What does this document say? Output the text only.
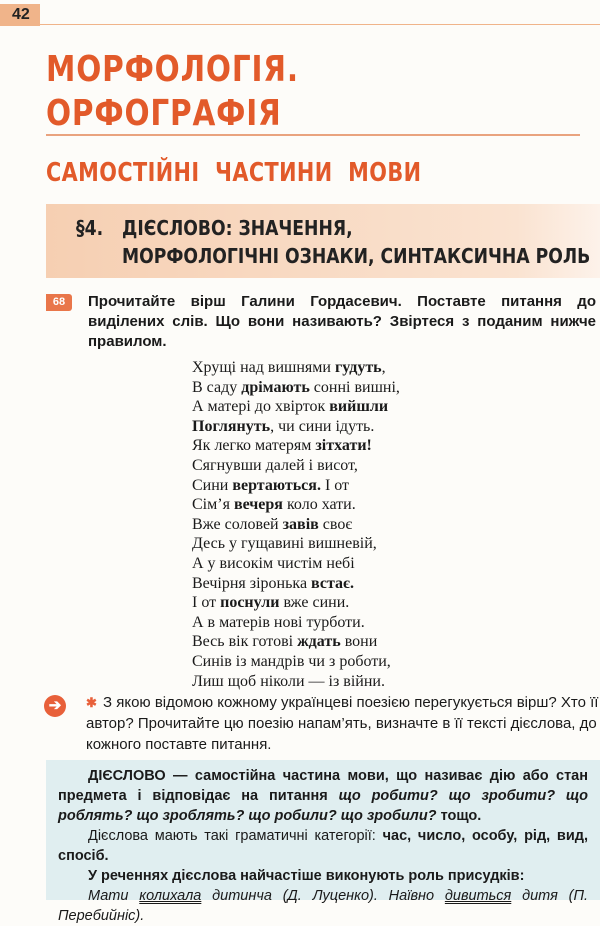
42
МОРФОЛОГІЯ.
ОРФОГРАФІЯ
САМОСТІЙНІ ЧАСТИНИ МОВИ
§4. ДІЄСЛОВО: ЗНАЧЕННЯ,
МОРФОЛОГІЧНІ ОЗНАКИ, СИНТАКСИЧНА РОЛЬ
68	Прочитайте вірш Галини Гордасевич. Поставте питання до виділених слів. Що вони називають? Звіртеся з поданим нижче правилом.
Хрущі над вишнями гудуть,
В саду дрімають сонні вишні,
А матері до хвірток вийшли
Поглянуть, чи сини ідуть.
Як легко матерям зітхати!
Сягнувши далей і висот,
Сини вертаються. І от
Сім’я вечеря коло хати.
Вже соловей завів своє
Десь у гущавині вишневій,
А у високім чистім небі
Вечірня зіронька встає.
І от поснули вже сини.
А в матерів нові турботи.
Весь вік готові ждать вони
Синів із мандрів чи з роботи,
Лиш щоб ніколи — із війни.
➔	✱ З якою відомою кожному українцеві поезією перегукується вірш? Хто її автор? Прочитайте цю поезію напам’ять, визначте в її тексті дієслова, до кожного поставте питання.

ДІЄСЛОВО — самостійна частина мови, що називає дію або стан предмета і відповідає на питання що робити? що зробити? що роблять? що зроблять? що робили? що зробили? тощо.

Дієслова мають такі граматичні категорії: час, число, особу, рід, вид, спосіб.

У реченнях дієслова найчастіше виконують роль присудків:

Мати колихала дитинча (Д. Луценко). Наївно дивиться дитя (П. Перебийніс).
